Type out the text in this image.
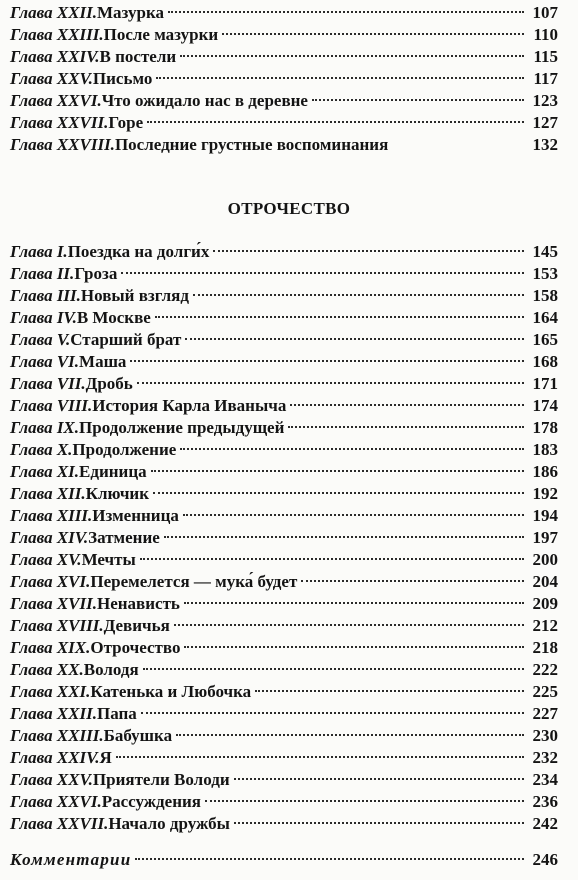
Глава XXII. Мазурка	107
Глава XXIII. После мазурки	110
Глава XXIV. В постели	115
Глава XXV. Письмо	117
Глава XXVI. Что ожидало нас в деревне	123
Глава XXVII. Горе	127
Глава XXVIII. Последние грустные воспоминания	132
ОТРОЧЕСТВО
Глава I. Поездка на долги́х	145
Глава II. Гроза	153
Глава III. Новый взгляд	158
Глава IV. В Москве	164
Глава V. Старший брат	165
Глава VI. Маша	168
Глава VII. Дробь	171
Глава VIII. История Карла Иваныча	174
Глава IX. Продолжение предыдущей	178
Глава X. Продолжение	183
Глава XI. Единица	186
Глава XII. Ключик	192
Глава XIII. Изменница	194
Глава XIV. Затмение	197
Глава XV. Мечты	200
Глава XVI. Перемелется — мука́ будет	204
Глава XVII. Ненависть	209
Глава XVIII. Девичья	212
Глава XIX. Отрочество	218
Глава XX. Володя	222
Глава XXI. Катенька и Любочка	225
Глава XXII. Папа	227
Глава XXIII. Бабушка	230
Глава XXIV. Я	232
Глава XXV. Приятели Володи	234
Глава XXVI. Рассуждения	236
Глава XXVII. Начало дружбы	242
Комментарии	246
